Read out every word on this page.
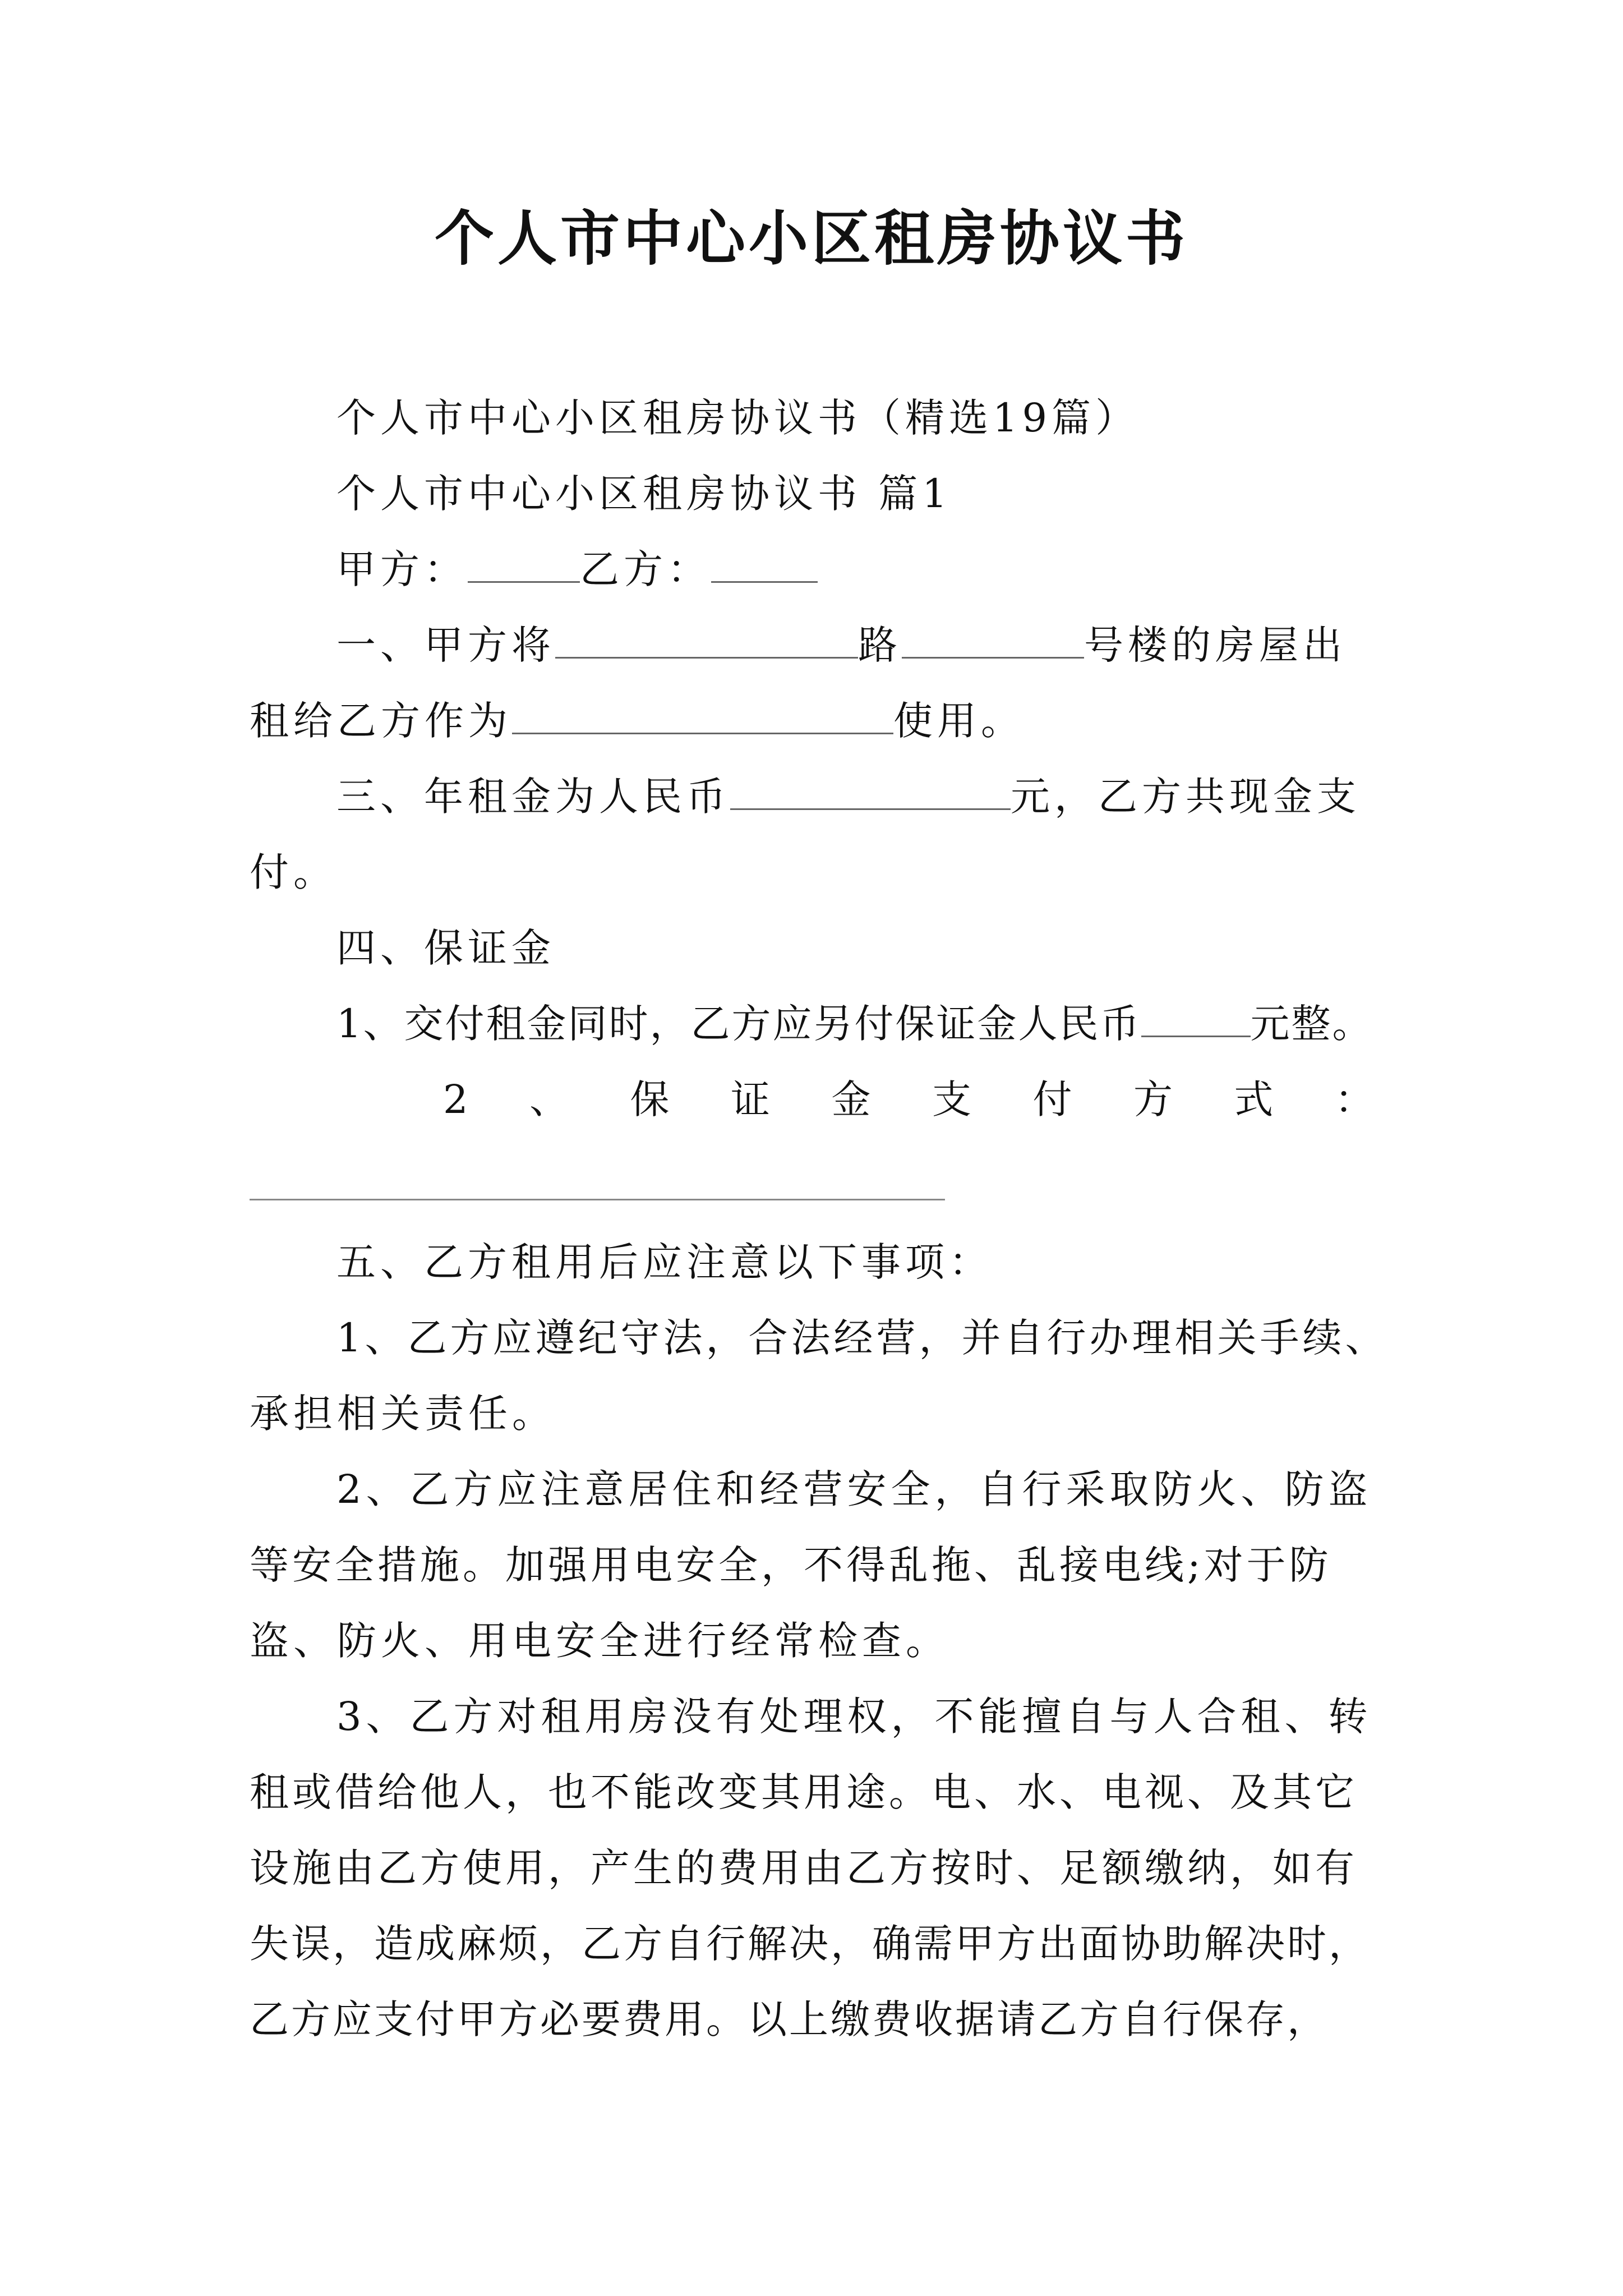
个人市中心小区租房协议书
个人市中心小区租房协议书（精选19篇）
个人市中心小区租房协议书 篇1
甲方：	乙方：
一、甲方将	路	号楼的房屋出
租给乙方作为	使用。
三、年租金为人民币	元，乙方共现金支
付。
四、保证金
1、交付租金同时，乙方应另付保证金人民币	元整。
2 、 保 证 金 支 付 方 式 ：
五、乙方租用后应注意以下事项：
1、乙方应遵纪守法，合法经营，并自行办理相关手续、
承担相关责任。
2、乙方应注意居住和经营安全，自行采取防火、防盗
等安全措施。加强用电安全，不得乱拖、乱接电线;对于防
盗、防火、用电安全进行经常检查。
3、乙方对租用房没有处理权，不能擅自与人合租、转
租或借给他人，也不能改变其用途。电、水、电视、及其它
设施由乙方使用，产生的费用由乙方按时、足额缴纳，如有
失误，造成麻烦，乙方自行解决，确需甲方出面协助解决时，
乙方应支付甲方必要费用。以上缴费收据请乙方自行保存，
